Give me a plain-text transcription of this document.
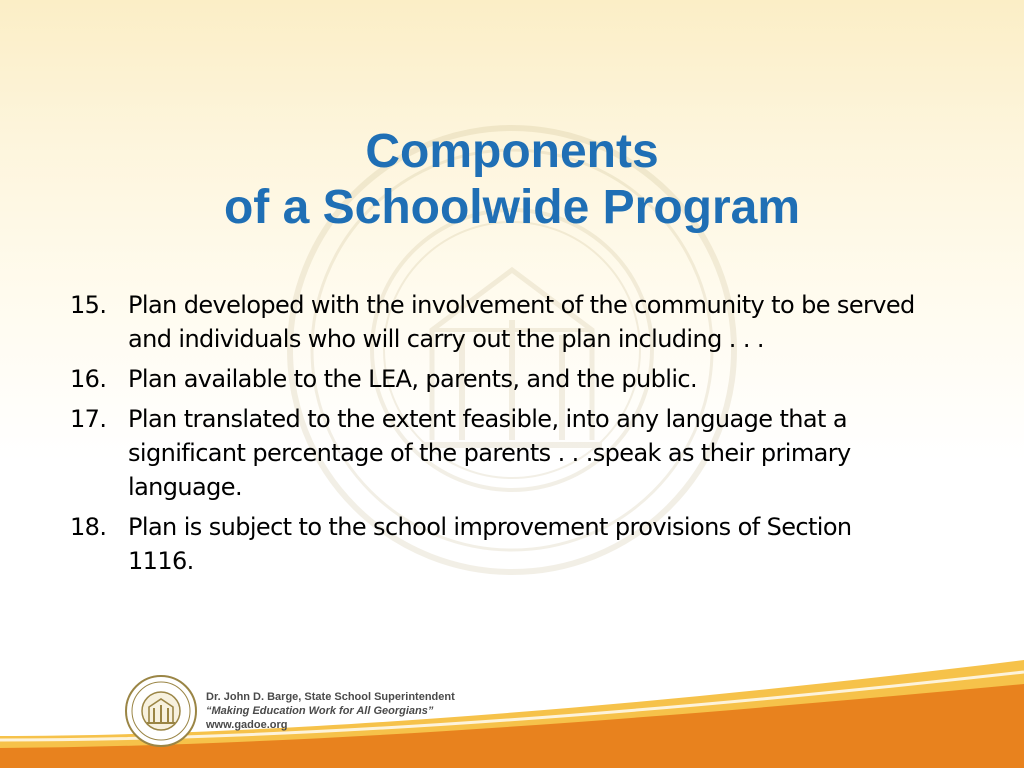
Components
of a Schoolwide Program
15. Plan developed with the involvement of the community to be served and individuals who will carry out the plan including . . .
16. Plan available to the LEA, parents, and the public.
17. Plan translated to the extent feasible, into any language that a significant percentage of the parents . . .speak as their primary language.
18. Plan is subject to the school improvement provisions of Section 1116.
Dr. John D. Barge, State School Superintendent
“Making Education Work for All Georgians”
www.gadoe.org
